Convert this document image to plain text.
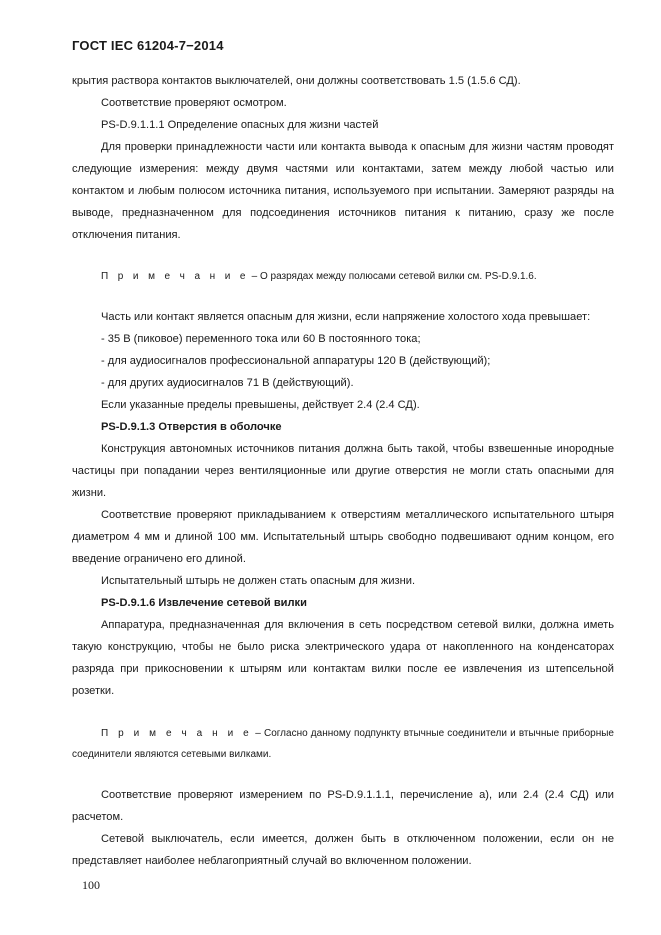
ГОСТ IEC 61204-7−2014

крытия раствора контактов выключателей, они должны соответствовать 1.5 (1.5.6 СД).

Соответствие проверяют осмотром.

PS-D.9.1.1.1 Определение опасных для жизни частей

Для проверки принадлежности части или контакта вывода к опасным для жизни частям проводят следующие измерения: между двумя частями или контактами, затем между любой частью или контактом и любым полюсом источника питания, используемого при испытании. Замеряют разряды на выводе, предназначенном для подсоединения источников питания к питанию, сразу же после отключения питания.

П р и м е ч а н и е – О разрядах между полюсами сетевой вилки см. PS-D.9.1.6.

Часть или контакт является опасным для жизни, если напряжение холостого хода превышает:

- 35 В (пиковое) переменного тока или 60 В постоянного тока;

- для аудиосигналов профессиональной аппаратуры 120 В (действующий);

- для других аудиосигналов 71 В (действующий).

Если указанные пределы превышены, действует 2.4 (2.4 СД).

PS-D.9.1.3 Отверстия в оболочке

Конструкция автономных источников питания должна быть такой, чтобы взвешенные инородные частицы при попадании через вентиляционные или другие отверстия не могли стать опасными для жизни.

Соответствие проверяют прикладыванием к отверстиям металлического испытательного штыря диаметром 4 мм и длиной 100 мм. Испытательный штырь свободно подвешивают одним концом, его введение ограничено его длиной.

Испытательный штырь не должен стать опасным для жизни.

PS-D.9.1.6 Извлечение сетевой вилки

Аппаратура, предназначенная для включения в сеть посредством сетевой вилки, должна иметь такую конструкцию, чтобы не было риска электрического удара от накопленного на конденсаторах разряда при прикосновении к штырям или контактам вилки после ее извлечения из штепсельной розетки.

П р и м е ч а н и е – Согласно данному подпункту втычные соединители и втычные приборные соединители являются сетевыми вилками.

Соответствие проверяют измерением по PS-D.9.1.1.1, перечисление а), или 2.4 (2.4 СД) или расчетом.

Сетевой выключатель, если имеется, должен быть в отключенном положении, если он не представляет наиболее неблагоприятный случай во включенном положении.

100
